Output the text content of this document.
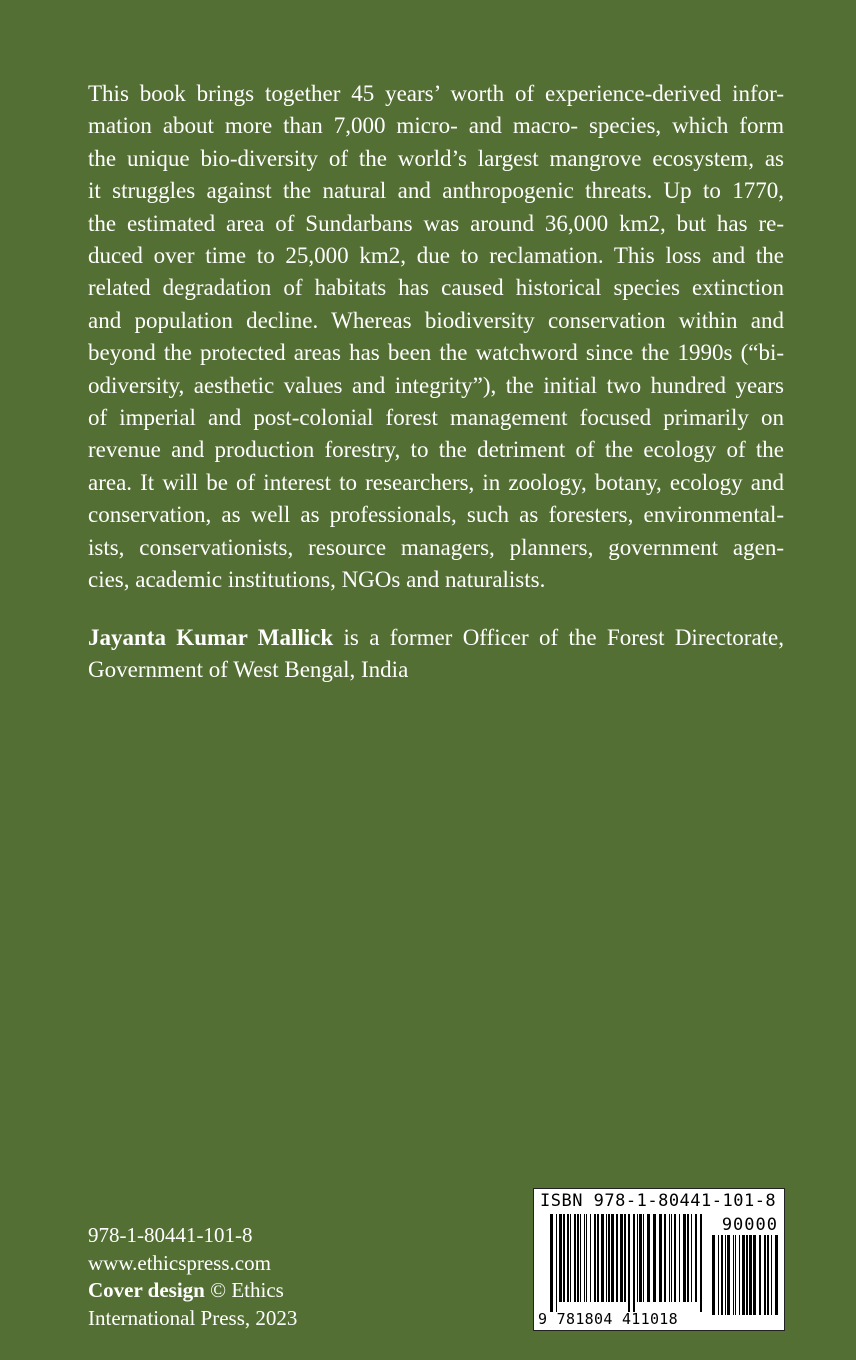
This book brings together 45 years’ worth of experience-derived infor-
mation about more than 7,000 micro- and macro- species, which form
the unique bio-diversity of the world’s largest mangrove ecosystem, as
it struggles against the natural and anthropogenic threats. Up to 1770,
the estimated area of Sundarbans was around 36,000 km2, but has re-
duced over time to 25,000 km2, due to reclamation. This loss and the
related degradation of habitats has caused historical species extinction
and population decline. Whereas biodiversity conservation within and
beyond the protected areas has been the watchword since the 1990s (“bi-
odiversity, aesthetic values and integrity”), the initial two hundred years
of imperial and post-colonial forest management focused primarily on
revenue and production forestry, to the detriment of the ecology of the
area. It will be of interest to researchers, in zoology, botany, ecology and
conservation, as well as professionals, such as foresters, environmental-
ists, conservationists, resource managers, planners, government agen-
cies, academic institutions, NGOs and naturalists.

Jayanta Kumar Mallick is a former Officer of the Forest Directorate, Government of West Bengal, India

978-1-80441-101-8
www.ethicspress.com
Cover design © Ethics
International Press, 2023
ISBN 978-1-80441-101-8
90000
9 781804 411018
